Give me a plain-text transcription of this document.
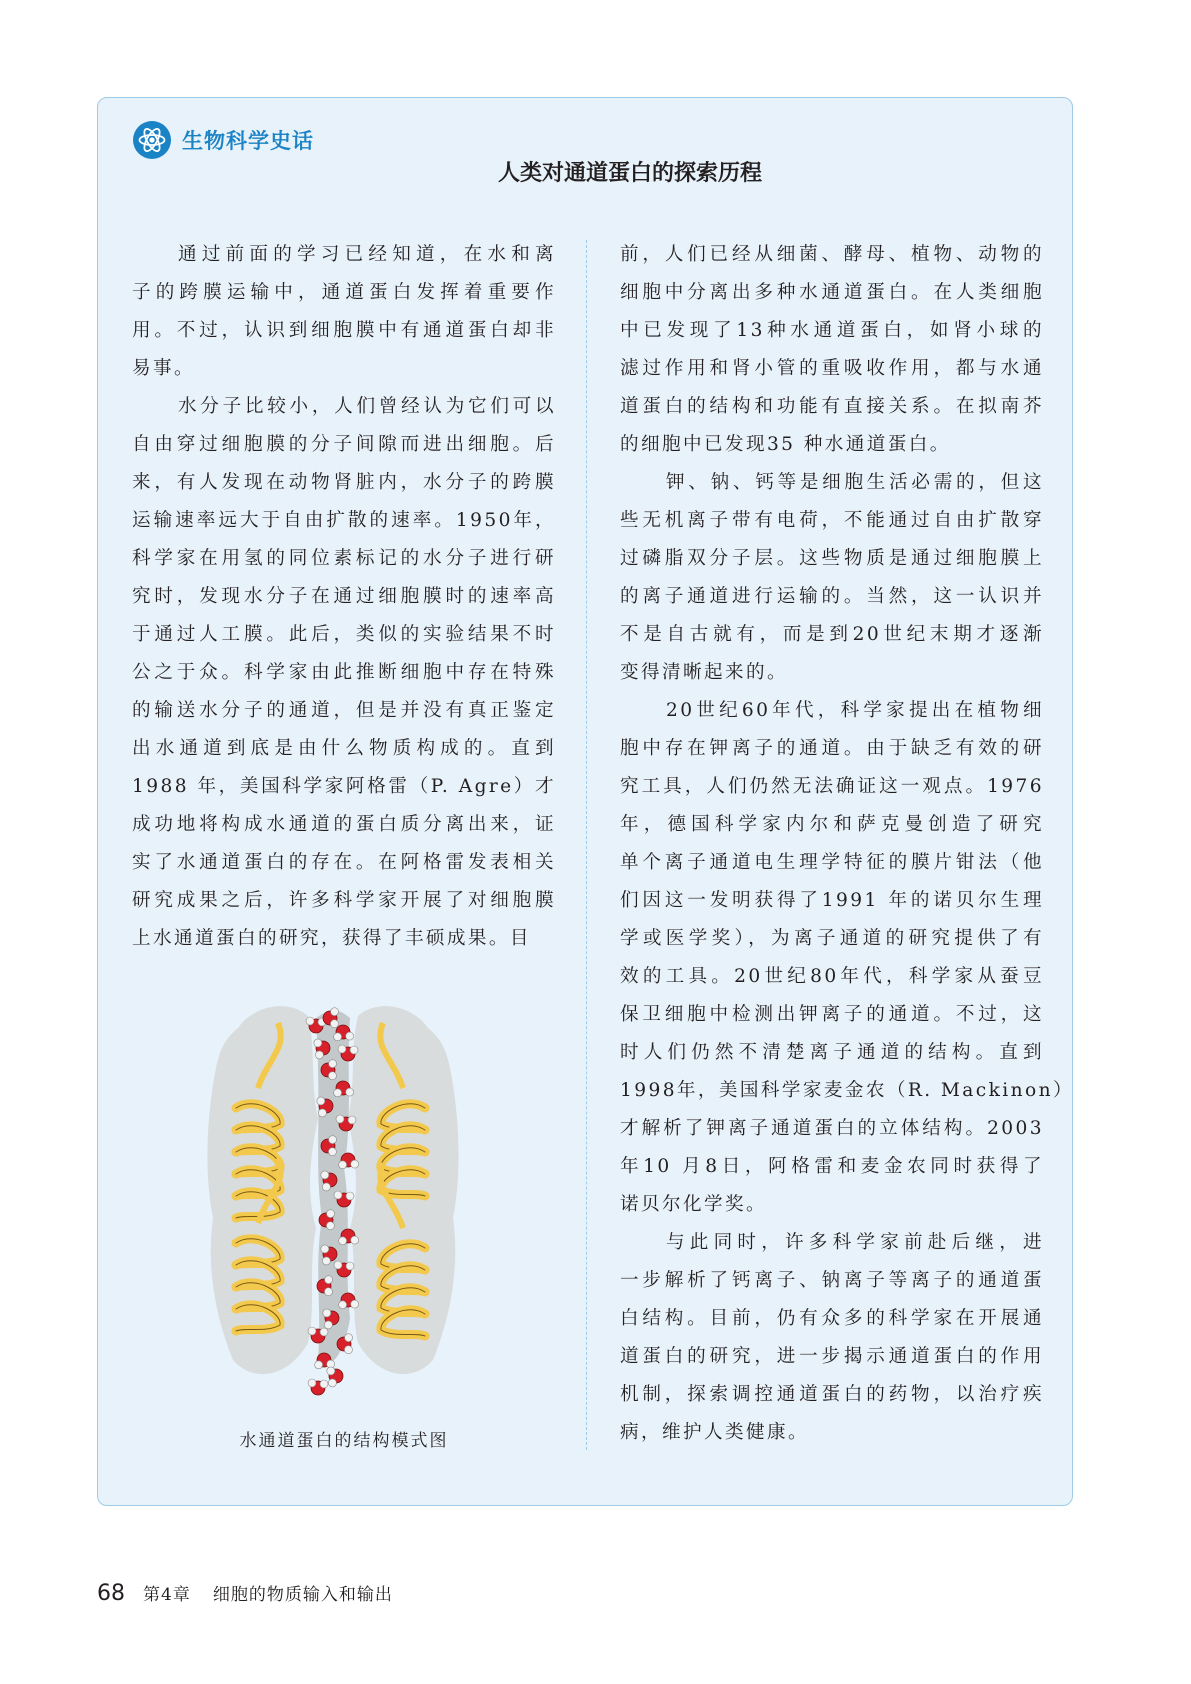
生物科学史话
人类对通道蛋白的探索历程

通过前面的学习已经知道，在水和离
子的跨膜运输中，通道蛋白发挥着重要作
用。不过，认识到细胞膜中有通道蛋白却非
易事。

水分子比较小，人们曾经认为它们可以
自由穿过细胞膜的分子间隙而进出细胞。后
来，有人发现在动物肾脏内，水分子的跨膜
运输速率远大于自由扩散的速率。1950年，
科学家在用氢的同位素标记的水分子进行研
究时，发现水分子在通过细胞膜时的速率高
于通过人工膜。此后，类似的实验结果不时
公之于众。科学家由此推断细胞中存在特殊
的输送水分子的通道，但是并没有真正鉴定
出水通道到底是由什么物质构成的。直到
1988 年，美国科学家阿格雷（P. Agre）才
成功地将构成水通道的蛋白质分离出来，证
实了水通道蛋白的存在。在阿格雷发表相关
研究成果之后，许多科学家开展了对细胞膜
上水通道蛋白的研究，获得了丰硕成果。目

前，人们已经从细菌、酵母、植物、动物的
细胞中分离出多种水通道蛋白。在人类细胞
中已发现了13种水通道蛋白，如肾小球的
滤过作用和肾小管的重吸收作用，都与水通
道蛋白的结构和功能有直接关系。在拟南芥
的细胞中已发现35 种水通道蛋白。

钾、钠、钙等是细胞生活必需的，但这
些无机离子带有电荷，不能通过自由扩散穿
过磷脂双分子层。这些物质是通过细胞膜上
的离子通道进行运输的。当然，这一认识并
不是自古就有，而是到20世纪末期才逐渐
变得清晰起来的。

20世纪60年代，科学家提出在植物细
胞中存在钾离子的通道。由于缺乏有效的研
究工具，人们仍然无法确证这一观点。1976
年，德国科学家内尔和萨克曼创造了研究
单个离子通道电生理学特征的膜片钳法（他
们因这一发明获得了1991 年的诺贝尔生理
学或医学奖），为离子通道的研究提供了有
效的工具。20世纪80年代，科学家从蚕豆
保卫细胞中检测出钾离子的通道。不过，这
时人们仍然不清楚离子通道的结构。直到
1998年，美国科学家麦金农（R. Mackinon）
才解析了钾离子通道蛋白的立体结构。2003
年10 月8日，阿格雷和麦金农同时获得了
诺贝尔化学奖。

与此同时，许多科学家前赴后继，进
一步解析了钙离子、钠离子等离子的通道蛋
白结构。目前，仍有众多的科学家在开展通
道蛋白的研究，进一步揭示通道蛋白的作用
机制，探索调控通道蛋白的药物，以治疗疾
病，维护人类健康。

水通道蛋白的结构模式图
68 第4章 细胞的物质输入和输出
